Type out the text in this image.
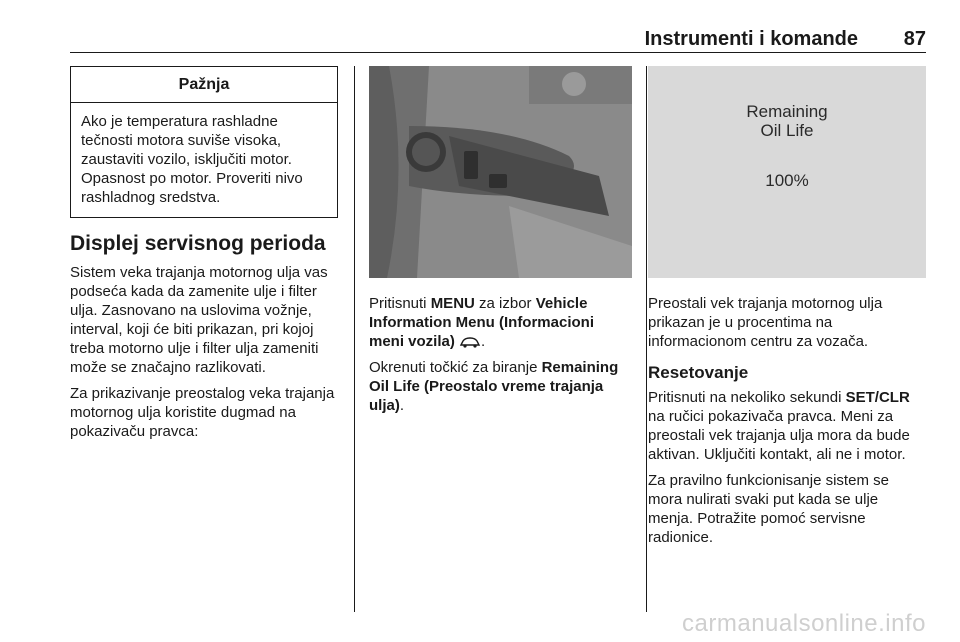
Instrumenti i komande 87
Pažnja
Ako je temperatura rashladne tečnosti motora suviše visoka, zaustaviti vozilo, isključiti motor. Opasnost po motor. Proveriti nivo rashladnog sredstva.
Displej servisnog perioda

Sistem veka trajanja motornog ulja vas podseća kada da zamenite ulje i filter ulja. Zasnovano na uslovima vožnje, interval, koji će biti prikazan, pri kojoj treba motorno ulje i filter ulja zameniti može se značajno razlikovati.

Za prikazivanje preostalog veka trajanja motornog ulja koristite dugmad na pokazivaču pravca:

Pritisnuti MENU za izbor Vehicle Information Menu (Informacioni meni vozila) .

Okrenuti točkić za biranje Remaining Oil Life (Preostalo vreme trajanja ulja).

Remaining
Oil Life
100%

Preostali vek trajanja motornog ulja prikazan je u procentima na informacionom centru za vozača.

Resetovanje

Pritisnuti na nekoliko sekundi SET/CLR na ručici pokazivača pravca. Meni za preostali vek trajanja ulja mora da bude aktivan. Uključiti kontakt, ali ne i motor.

Za pravilno funkcionisanje sistem se mora nulirati svaki put kada se ulje menja. Potražite pomoć servisne radionice.

carmanualsonline.info
